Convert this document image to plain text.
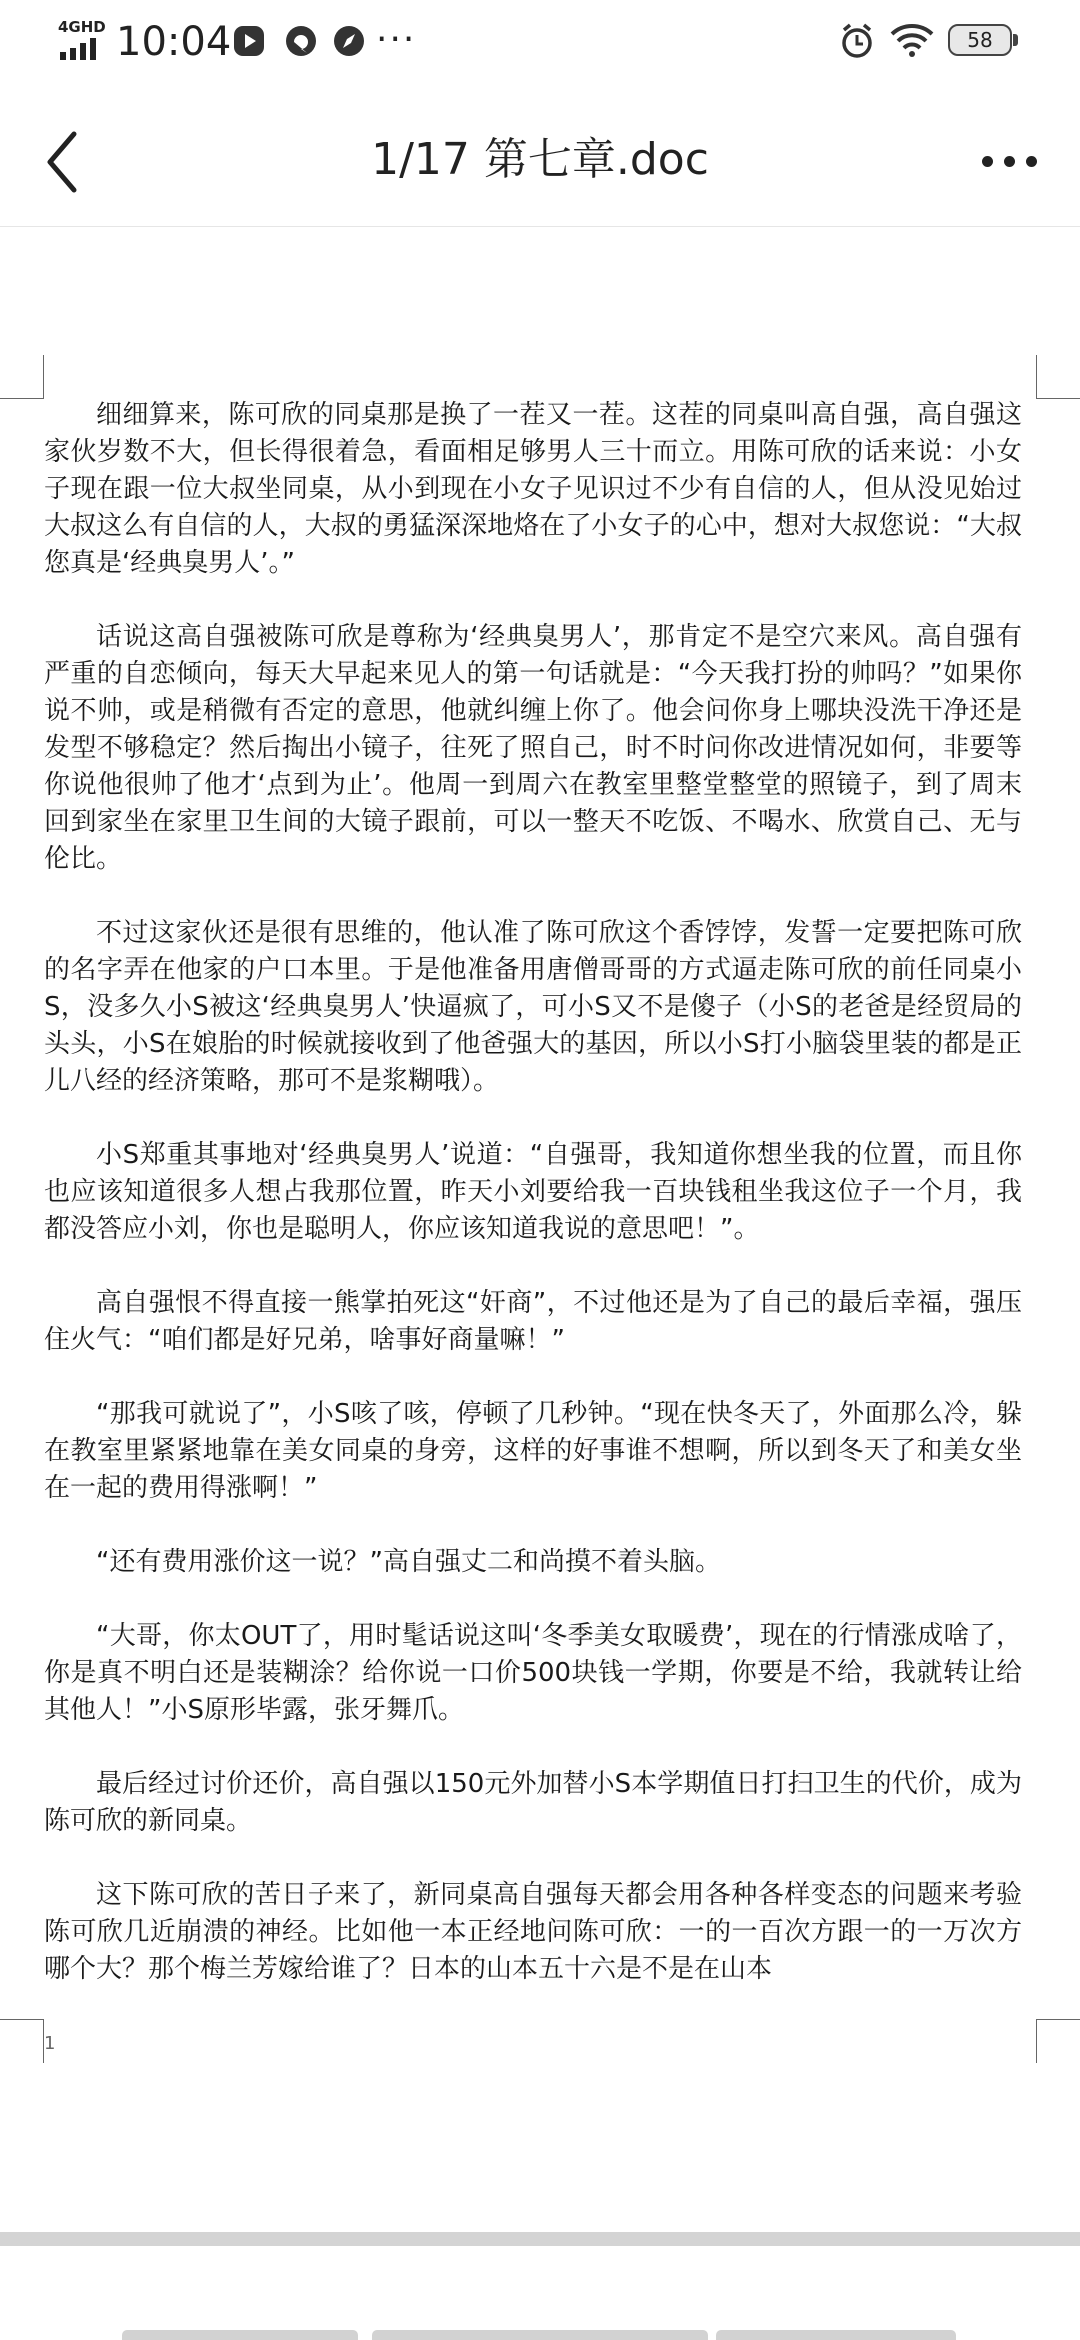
4GHD 10:04	···	58
1/17 第七章.doc

细细算来，陈可欣的同桌那是换了一茬又一茬。这茬的同桌叫高自强，高自强这家伙岁数不大，但长得很着急，看面相足够男人三十而立。用陈可欣的话来说：小女子现在跟一位大叔坐同桌，从小到现在小女子见识过不少有自信的人，但从没见始过大叔这么有自信的人，大叔的勇猛深深地烙在了小女子的心中，想对大叔您说：“大叔您真是‘经典臭男人’。”

话说这高自强被陈可欣是尊称为‘经典臭男人’，那肯定不是空穴来风。高自强有严重的自恋倾向，每天大早起来见人的第一句话就是：“今天我打扮的帅吗？”如果你说不帅，或是稍微有否定的意思，他就纠缠上你了。他会问你身上哪块没洗干净还是发型不够稳定？然后掏出小镜子，往死了照自己，时不时问你改进情况如何，非要等你说他很帅了他才‘点到为止’。他周一到周六在教室里整堂整堂的照镜子，到了周末回到家坐在家里卫生间的大镜子跟前，可以一整天不吃饭、不喝水、欣赏自己、无与伦比。

不过这家伙还是很有思维的，他认准了陈可欣这个香饽饽，发誓一定要把陈可欣的名字弄在他家的户口本里。于是他准备用唐僧哥哥的方式逼走陈可欣的前任同桌小S，没多久小S被这‘经典臭男人’快逼疯了，可小S又不是傻子（小S的老爸是经贸局的头头，小S在娘胎的时候就接收到了他爸强大的基因，所以小S打小脑袋里装的都是正儿八经的经济策略，那可不是浆糊哦）。

小S郑重其事地对‘经典臭男人’说道：“自强哥，我知道你想坐我的位置，而且你也应该知道很多人想占我那位置，昨天小刘要给我一百块钱租坐我这位子一个月，我都没答应小刘，你也是聪明人，你应该知道我说的意思吧！”。

高自强恨不得直接一熊掌拍死这“奸商”，不过他还是为了自己的最后幸福，强压住火气：“咱们都是好兄弟，啥事好商量嘛！”

“那我可就说了”，小S咳了咳，停顿了几秒钟。“现在快冬天了，外面那么冷，躲在教室里紧紧地靠在美女同桌的身旁，这样的好事谁不想啊，所以到冬天了和美女坐在一起的费用得涨啊！”

“还有费用涨价这一说？”高自强丈二和尚摸不着头脑。

“大哥，你太OUT了，用时髦话说这叫‘冬季美女取暖费’，现在的行情涨成啥了，你是真不明白还是装糊涂？给你说一口价500块钱一学期，你要是不给，我就转让给其他人！”小S原形毕露，张牙舞爪。

最后经过讨价还价，高自强以150元外加替小S本学期值日打扫卫生的代价，成为陈可欣的新同桌。

这下陈可欣的苦日子来了，新同桌高自强每天都会用各种各样变态的问题来考验陈可欣几近崩溃的神经。比如他一本正经地问陈可欣：一的一百次方跟一的一万次方哪个大？那个梅兰芳嫁给谁了？日本的山本五十六是不是在山本

1
